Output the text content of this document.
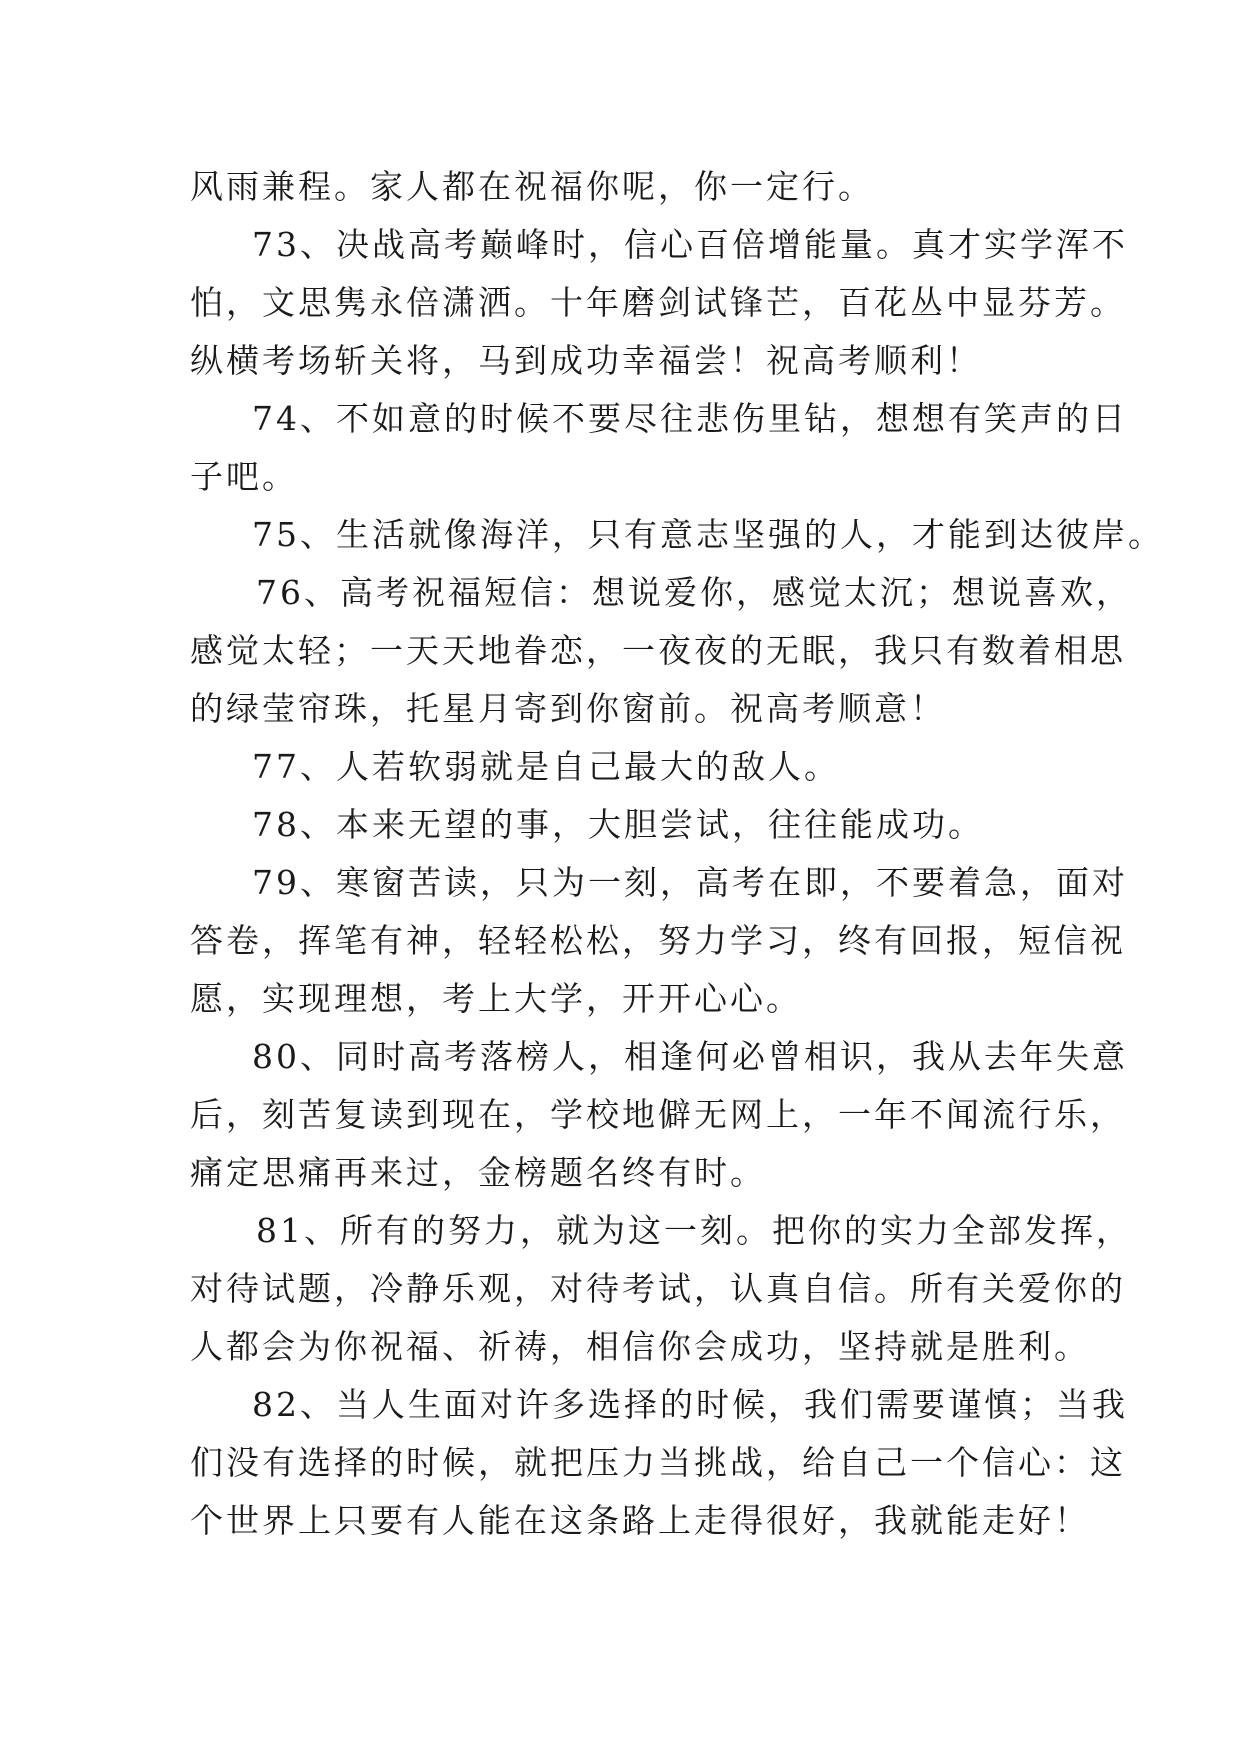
风雨兼程。家人都在祝福你呢，你一定行。
73、决战高考巅峰时，信心百倍增能量。真才实学浑不
怕，文思隽永倍潇洒。十年磨剑试锋芒，百花丛中显芬芳。
纵横考场斩关将，马到成功幸福尝！祝高考顺利！
74、不如意的时候不要尽往悲伤里钻，想想有笑声的日
子吧。
75、生活就像海洋，只有意志坚强的人，才能到达彼岸。
76、高考祝福短信：想说爱你，感觉太沉；想说喜欢，
感觉太轻；一天天地眷恋，一夜夜的无眠，我只有数着相思
的绿莹帘珠，托星月寄到你窗前。祝高考顺意！
77、人若软弱就是自己最大的敌人。
78、本来无望的事，大胆尝试，往往能成功。
79、寒窗苦读，只为一刻，高考在即，不要着急，面对
答卷，挥笔有神，轻轻松松，努力学习，终有回报，短信祝
愿，实现理想，考上大学，开开心心。
80、同时高考落榜人，相逢何必曾相识，我从去年失意
后，刻苦复读到现在，学校地僻无网上，一年不闻流行乐，
痛定思痛再来过，金榜题名终有时。
81、所有的努力，就为这一刻。把你的实力全部发挥，
对待试题，冷静乐观，对待考试，认真自信。所有关爱你的
人都会为你祝福、祈祷，相信你会成功，坚持就是胜利。
82、当人生面对许多选择的时候，我们需要谨慎；当我
们没有选择的时候，就把压力当挑战，给自己一个信心：这
个世界上只要有人能在这条路上走得很好，我就能走好！
